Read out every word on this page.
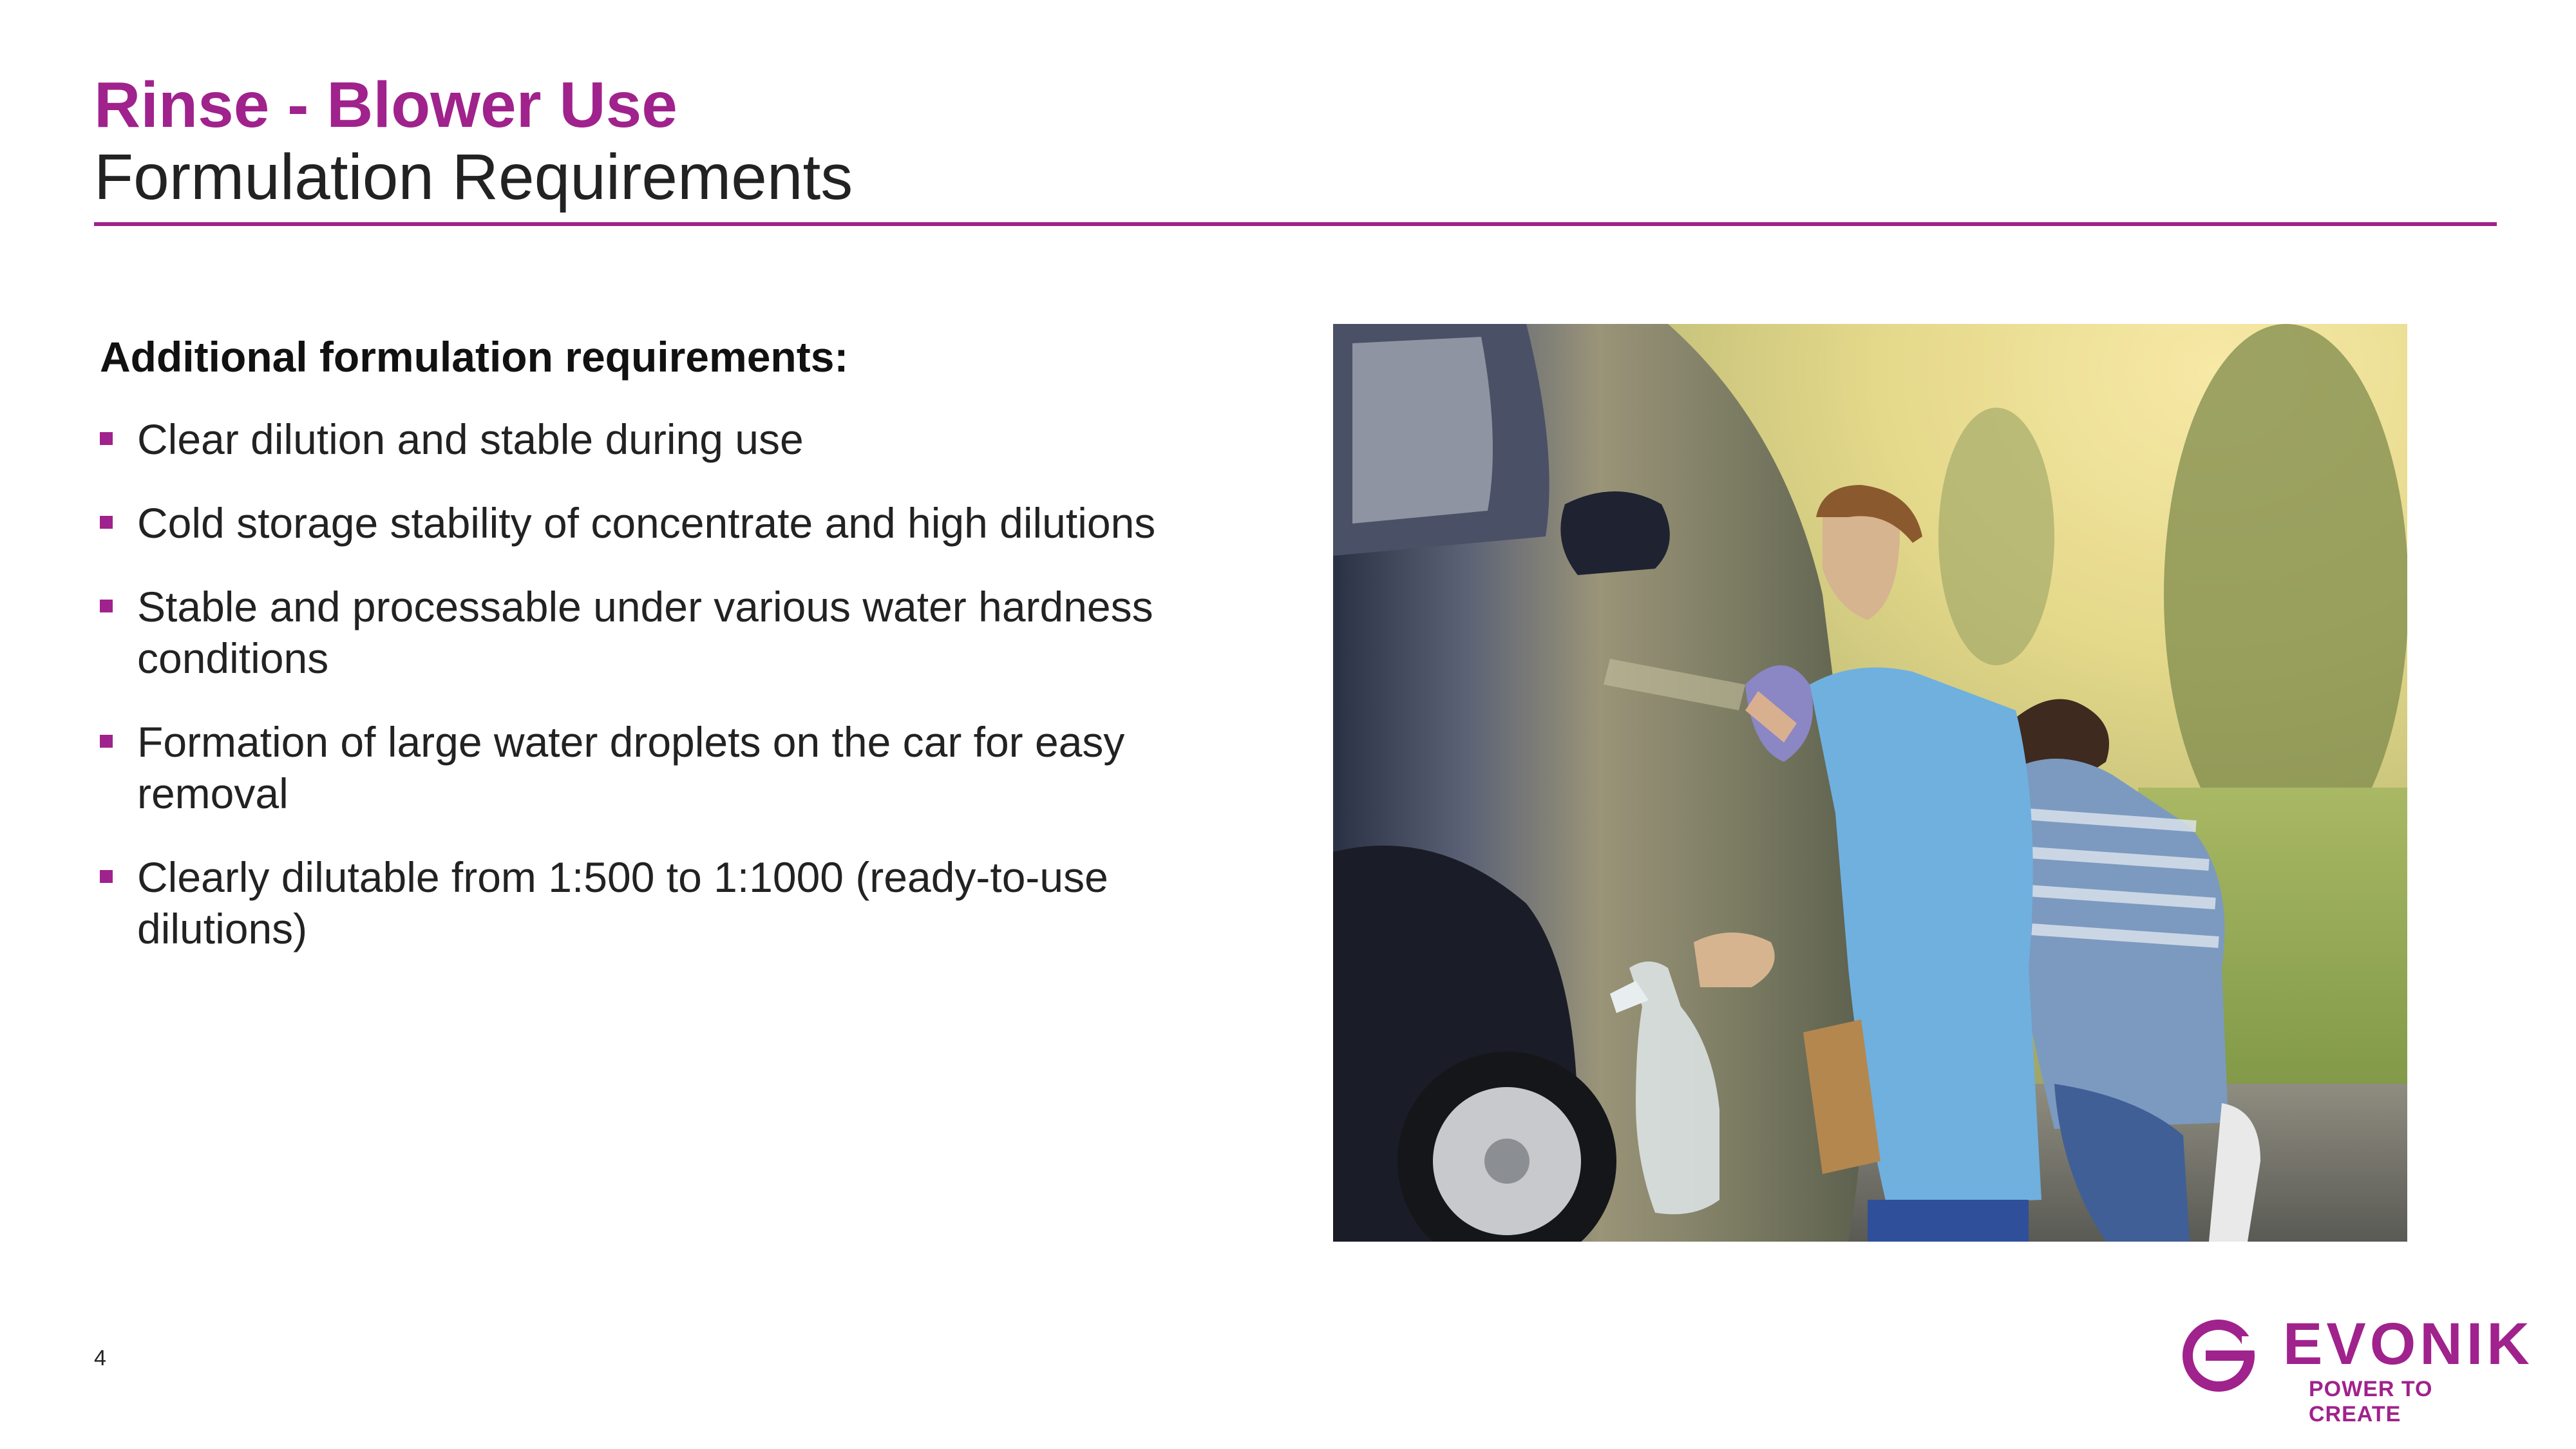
Rinse - Blower Use
Formulation Requirements
Additional formulation requirements:
Clear dilution and stable during use
Cold storage stability of concentrate and high dilutions
Stable and processable under various water hardness conditions
Formation of large water droplets on the car for easy removal
Clearly dilutable from 1:500 to 1:1000 (ready-to-use dilutions)
4	EVONIK
POWER TO CREATE
